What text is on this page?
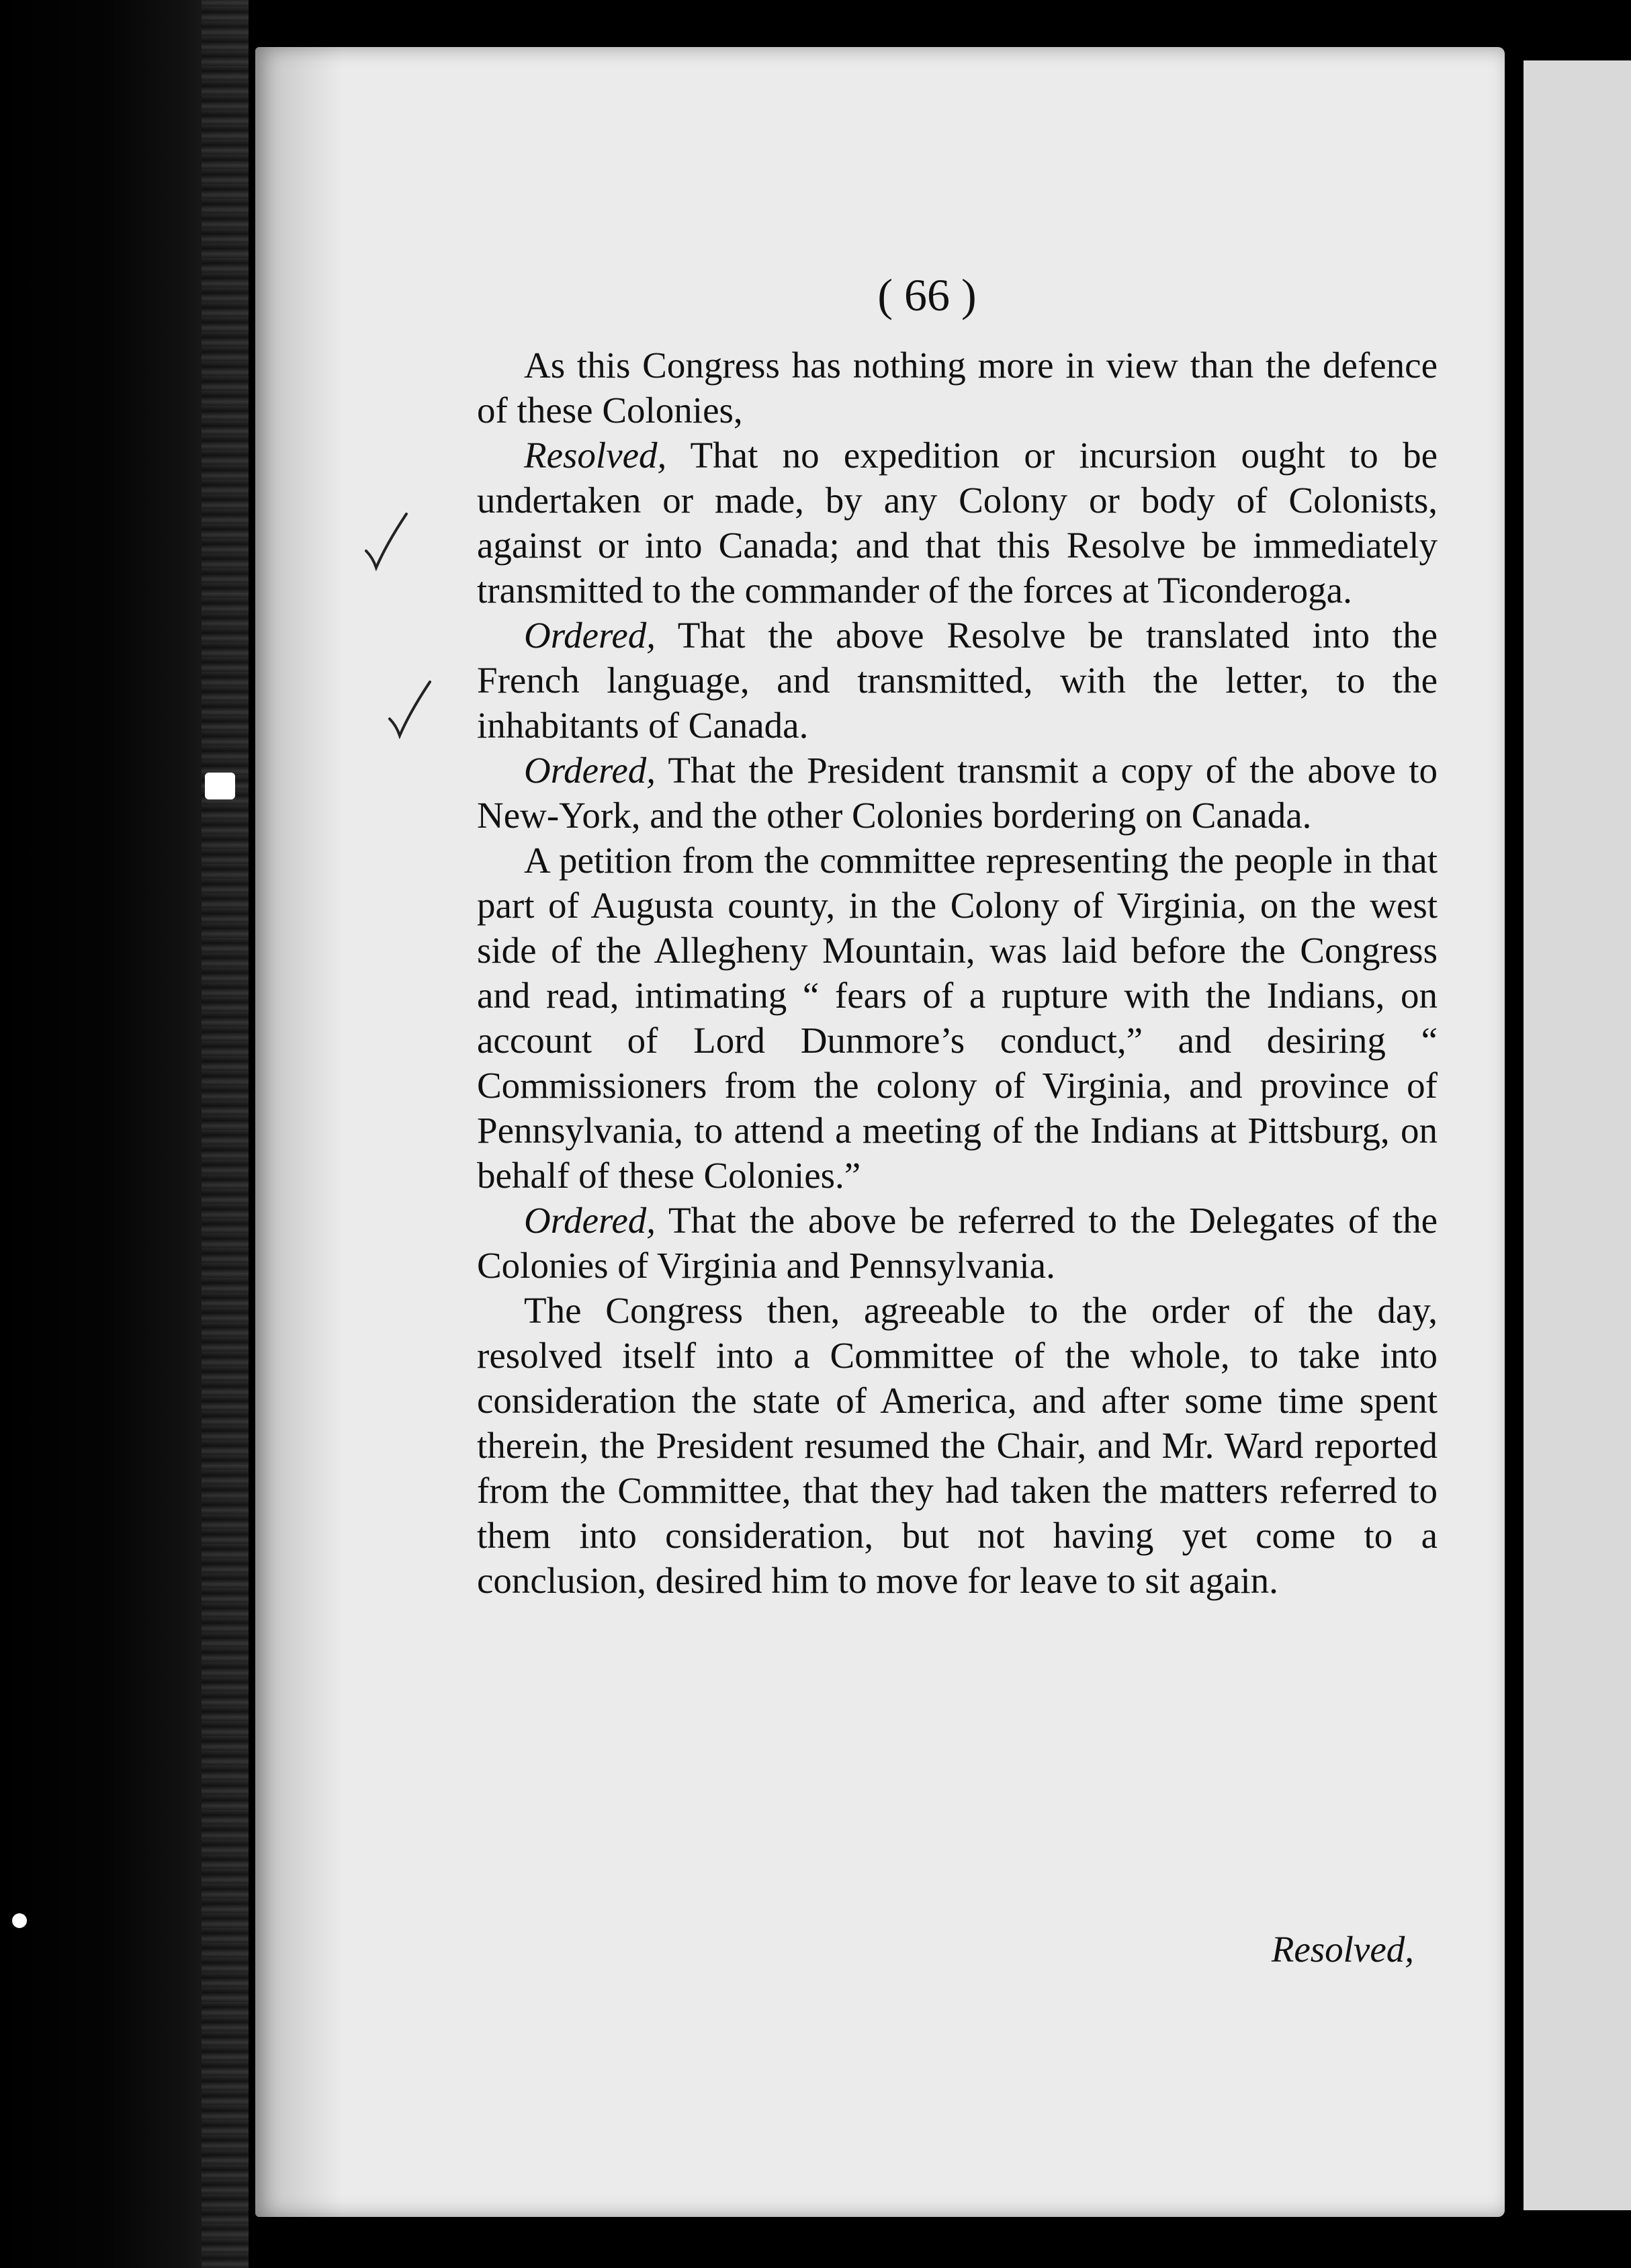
( 66 )

As this Congress has nothing more in view than the defence of these Colonies,

Resolved, That no expedition or incursion ought to be undertaken or made, by any Colony or body of Colonists, against or into Canada; and that this Resolve be immediately transmitted to the commander of the forces at Ticonderoga.

Ordered, That the above Resolve be translated into the French language, and transmitted, with the letter, to the inhabitants of Canada.

Ordered, That the President transmit a copy of the above to New-York, and the other Colonies bordering on Canada.

A petition from the committee representing the people in that part of Augusta county, in the Colony of Virginia, on the west side of the Allegheny Mountain, was laid before the Congress and read, intimating “ fears of a rupture with the Indians, on account of Lord Dunmore’s conduct,” and desiring “ Commissioners from the colony of Virginia, and province of Pennsylvania, to attend a meeting of the Indians at Pittsburg, on behalf of these Colonies.”

Ordered, That the above be referred to the Delegates of the Colonies of Virginia and Pennsylvania.

The Congress then, agreeable to the order of the day, resolved itself into a Committee of the whole, to take into consideration the state of America, and after some time spent therein, the President resumed the Chair, and Mr. Ward reported from the Committee, that they had taken the matters referred to them into consideration, but not having yet come to a conclusion, desired him to move for leave to sit again.

Resolved,
